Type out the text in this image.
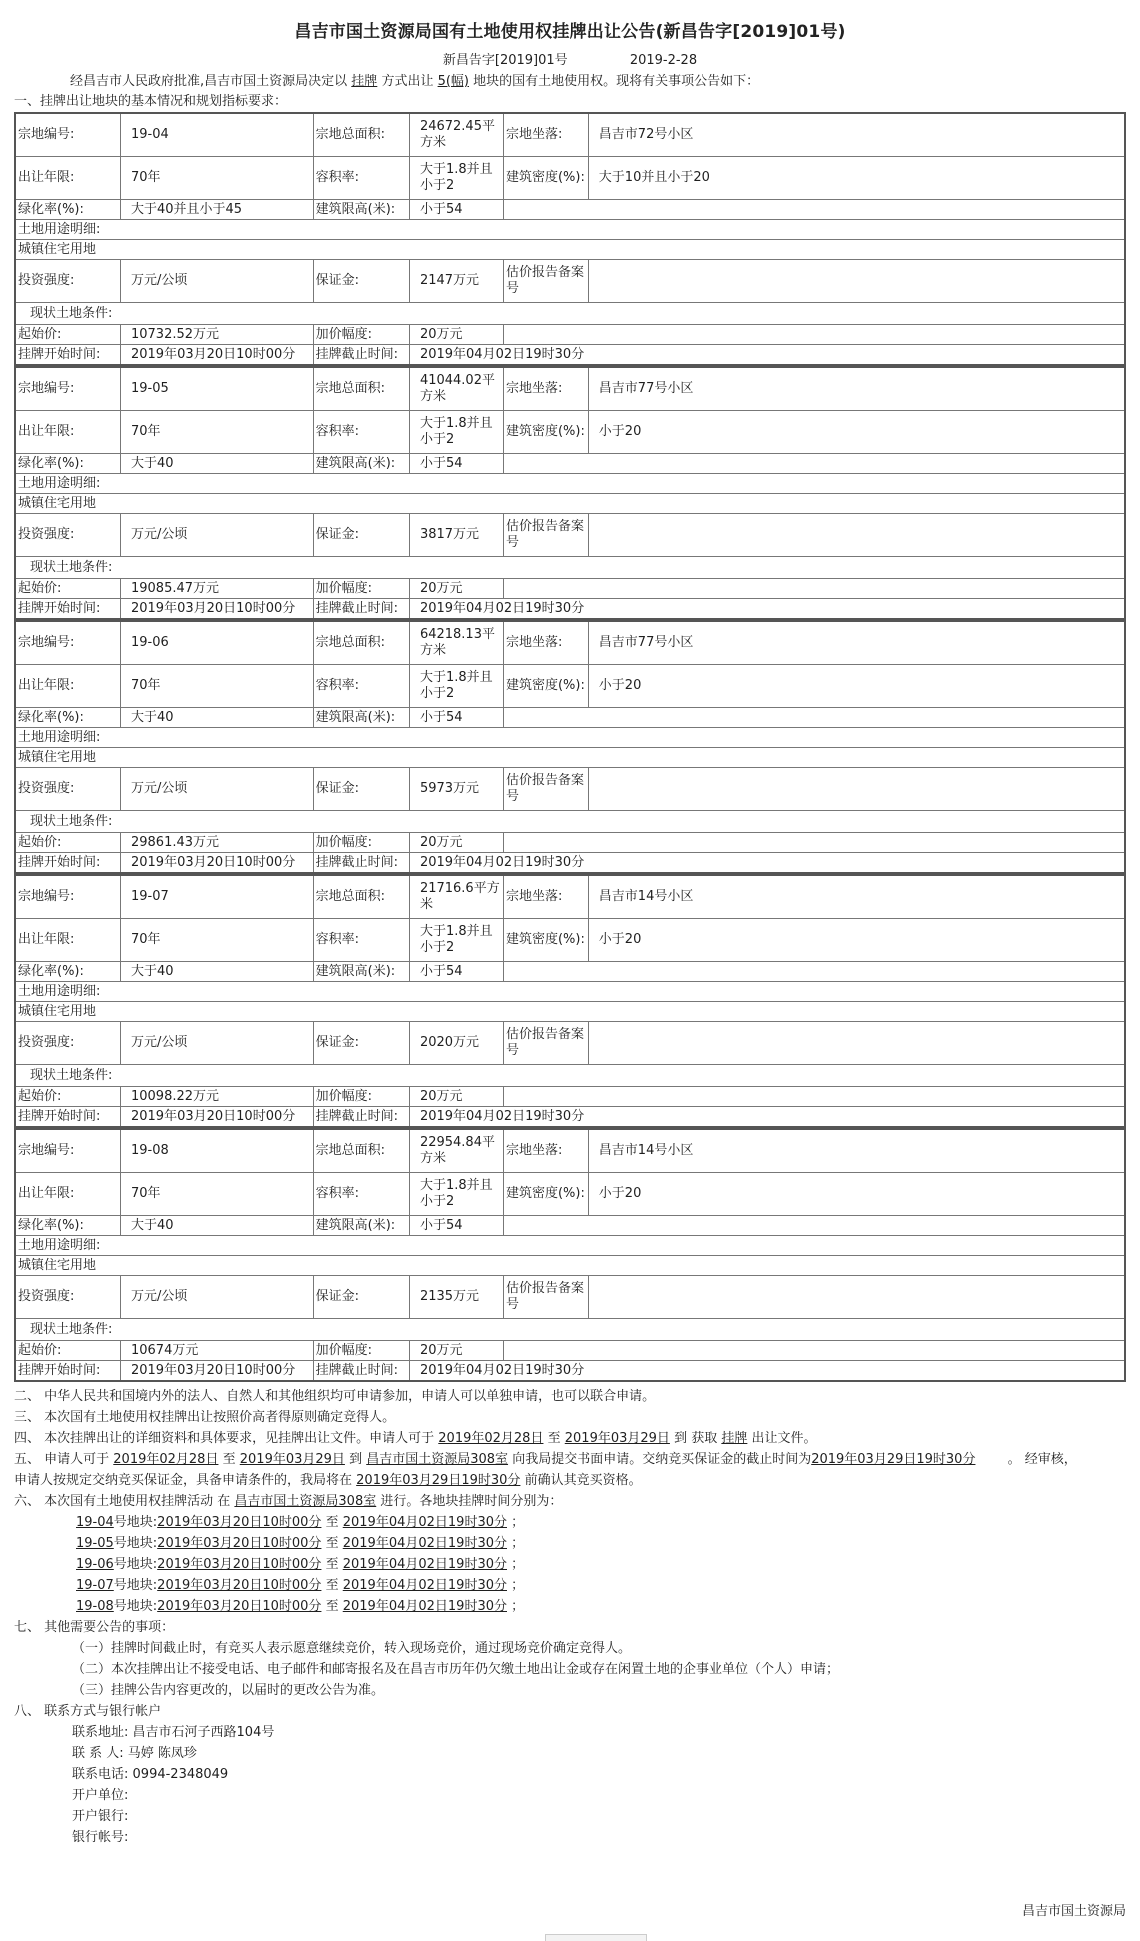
昌吉市国土资源局国有土地使用权挂牌出让公告(新昌告字[2019]01号)
新昌告字[2019]01号	2019-2-28
经昌吉市人民政府批准,昌吉市国土资源局决定以 挂牌 方式出让 5(幅) 地块的国有土地使用权。现将有关事项公告如下：
一、挂牌出让地块的基本情况和规划指标要求：
宗地编号:	19-04	宗地总面积:	24672.45平方米	宗地坐落:	昌吉市72号小区
出让年限:	70年	容积率:	大于1.8并且小于2	建筑密度(%):	大于10并且小于20
绿化率(%):	大于40并且小于45	建筑限高(米):	小于54		
土地用途明细:					
城镇住宅用地					
投资强度:	万元/公顷	保证金:	2147万元	估价报告备案号	
现状土地条件:					
起始价:	10732.52万元	加价幅度:	20万元		
挂牌开始时间:	2019年03月20日10时00分	挂牌截止时间:	2019年04月02日19时30分		
宗地编号:	19-05	宗地总面积:	41044.02平方米	宗地坐落:	昌吉市77号小区
出让年限:	70年	容积率:	大于1.8并且小于2	建筑密度(%):	小于20
绿化率(%):	大于40	建筑限高(米):	小于54		
土地用途明细:					
城镇住宅用地					
投资强度:	万元/公顷	保证金:	3817万元	估价报告备案号	
现状土地条件:					
起始价:	19085.47万元	加价幅度:	20万元		
挂牌开始时间:	2019年03月20日10时00分	挂牌截止时间:	2019年04月02日19时30分		
宗地编号:	19-06	宗地总面积:	64218.13平方米	宗地坐落:	昌吉市77号小区
出让年限:	70年	容积率:	大于1.8并且小于2	建筑密度(%):	小于20
绿化率(%):	大于40	建筑限高(米):	小于54		
土地用途明细:					
城镇住宅用地					
投资强度:	万元/公顷	保证金:	5973万元	估价报告备案号	
现状土地条件:					
起始价:	29861.43万元	加价幅度:	20万元		
挂牌开始时间:	2019年03月20日10时00分	挂牌截止时间:	2019年04月02日19时30分		
宗地编号:	19-07	宗地总面积:	21716.6平方米	宗地坐落:	昌吉市14号小区
出让年限:	70年	容积率:	大于1.8并且小于2	建筑密度(%):	小于20
绿化率(%):	大于40	建筑限高(米):	小于54		
土地用途明细:					
城镇住宅用地					
投资强度:	万元/公顷	保证金:	2020万元	估价报告备案号	
现状土地条件:					
起始价:	10098.22万元	加价幅度:	20万元		
挂牌开始时间:	2019年03月20日10时00分	挂牌截止时间:	2019年04月02日19时30分		
宗地编号:	19-08	宗地总面积:	22954.84平方米	宗地坐落:	昌吉市14号小区
出让年限:	70年	容积率:	大于1.8并且小于2	建筑密度(%):	小于20
绿化率(%):	大于40	建筑限高(米):	小于54		
土地用途明细:					
城镇住宅用地					
投资强度:	万元/公顷	保证金:	2135万元	估价报告备案号	
现状土地条件:					
起始价:	10674万元	加价幅度:	20万元		
挂牌开始时间:	2019年03月20日10时00分	挂牌截止时间:	2019年04月02日19时30分		
二、 中华人民共和国境内外的法人、自然人和其他组织均可申请参加，申请人可以单独申请，也可以联合申请。
三、 本次国有土地使用权挂牌出让按照价高者得原则确定竞得人。
四、 本次挂牌出让的详细资料和具体要求，见挂牌出让文件。申请人可于 2019年02月28日 至 2019年03月29日 到 获取 挂牌 出让文件。
五、 申请人可于 2019年02月28日 至 2019年03月29日 到 昌吉市国土资源局308室 向我局提交书面申请。交纳竞买保证金的截止时间为2019年03月29日19时30分 。 经审核，
申请人按规定交纳竞买保证金，具备申请条件的，我局将在 2019年03月29日19时30分 前确认其竞买资格。
六、 本次国有土地使用权挂牌活动 在 昌吉市国土资源局308室 进行。各地块挂牌时间分别为：
19-04号地块:2019年03月20日10时00分 至 2019年04月02日19时30分 ；
19-05号地块:2019年03月20日10时00分 至 2019年04月02日19时30分 ；
19-06号地块:2019年03月20日10时00分 至 2019年04月02日19时30分 ；
19-07号地块:2019年03月20日10时00分 至 2019年04月02日19时30分 ；
19-08号地块:2019年03月20日10时00分 至 2019年04月02日19时30分 ；
七、 其他需要公告的事项：
（一）挂牌时间截止时，有竞买人表示愿意继续竞价，转入现场竞价，通过现场竞价确定竞得人。
（二）本次挂牌出让不接受电话、电子邮件和邮寄报名及在昌吉市历年仍欠缴土地出让金或存在闲置土地的企事业单位（个人）申请；
（三）挂牌公告内容更改的，以届时的更改公告为准。
八、 联系方式与银行帐户
联系地址: 昌吉市石河子西路104号
联 系 人: 马婷 陈凤珍
联系电话: 0994-2348049
开户单位:
开户银行:
银行帐号:
昌吉市国土资源局
